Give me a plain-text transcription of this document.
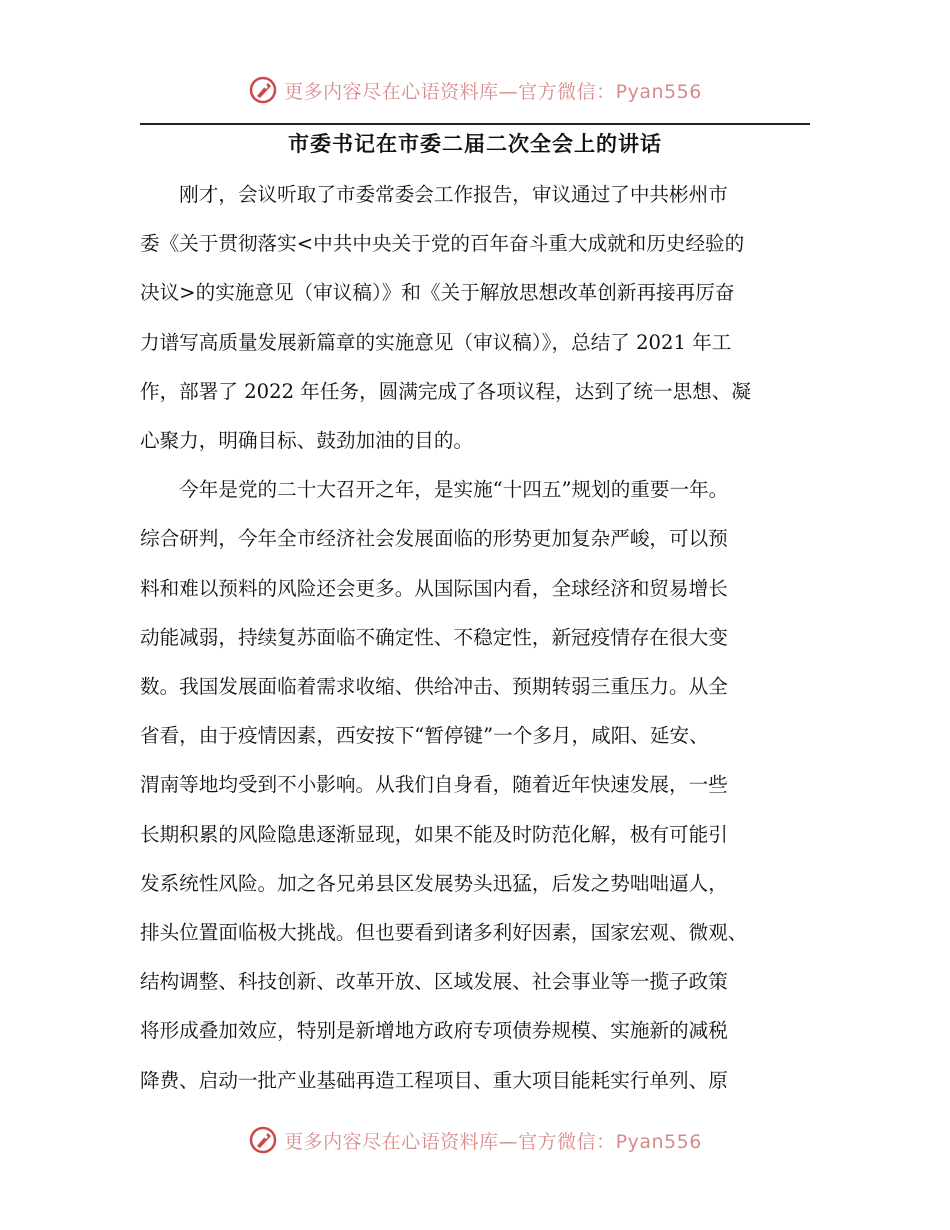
更多内容尽在心语资料库—官方微信：Pyan556
市委书记在市委二届二次全会上的讲话

　　刚才，会议听取了市委常委会工作报告，审议通过了中共彬州市
委《关于贯彻落实<中共中央关于党的百年奋斗重大成就和历史经验的
决议>的实施意见（审议稿）》和《关于解放思想改革创新再接再厉奋
力谱写高质量发展新篇章的实施意见（审议稿）》，总结了 2021 年工
作，部署了 2022 年任务，圆满完成了各项议程，达到了统一思想、凝
心聚力，明确目标、鼓劲加油的目的。

　　今年是党的二十大召开之年，是实施“十四五”规划的重要一年。
综合研判，今年全市经济社会发展面临的形势更加复杂严峻，可以预
料和难以预料的风险还会更多。从国际国内看，全球经济和贸易增长
动能减弱，持续复苏面临不确定性、不稳定性，新冠疫情存在很大变
数。我国发展面临着需求收缩、供给冲击、预期转弱三重压力。从全
省看，由于疫情因素，西安按下“暂停键”一个多月，咸阳、延安、
渭南等地均受到不小影响。从我们自身看，随着近年快速发展，一些
长期积累的风险隐患逐渐显现，如果不能及时防范化解，极有可能引
发系统性风险。加之各兄弟县区发展势头迅猛，后发之势咄咄逼人，
排头位置面临极大挑战。但也要看到诸多利好因素，国家宏观、微观、
结构调整、科技创新、改革开放、区域发展、社会事业等一揽子政策
将形成叠加效应，特别是新增地方政府专项债券规模、实施新的减税
降费、启动一批产业基础再造工程项目、重大项目能耗实行单列、原

更多内容尽在心语资料库—官方微信：Pyan556
